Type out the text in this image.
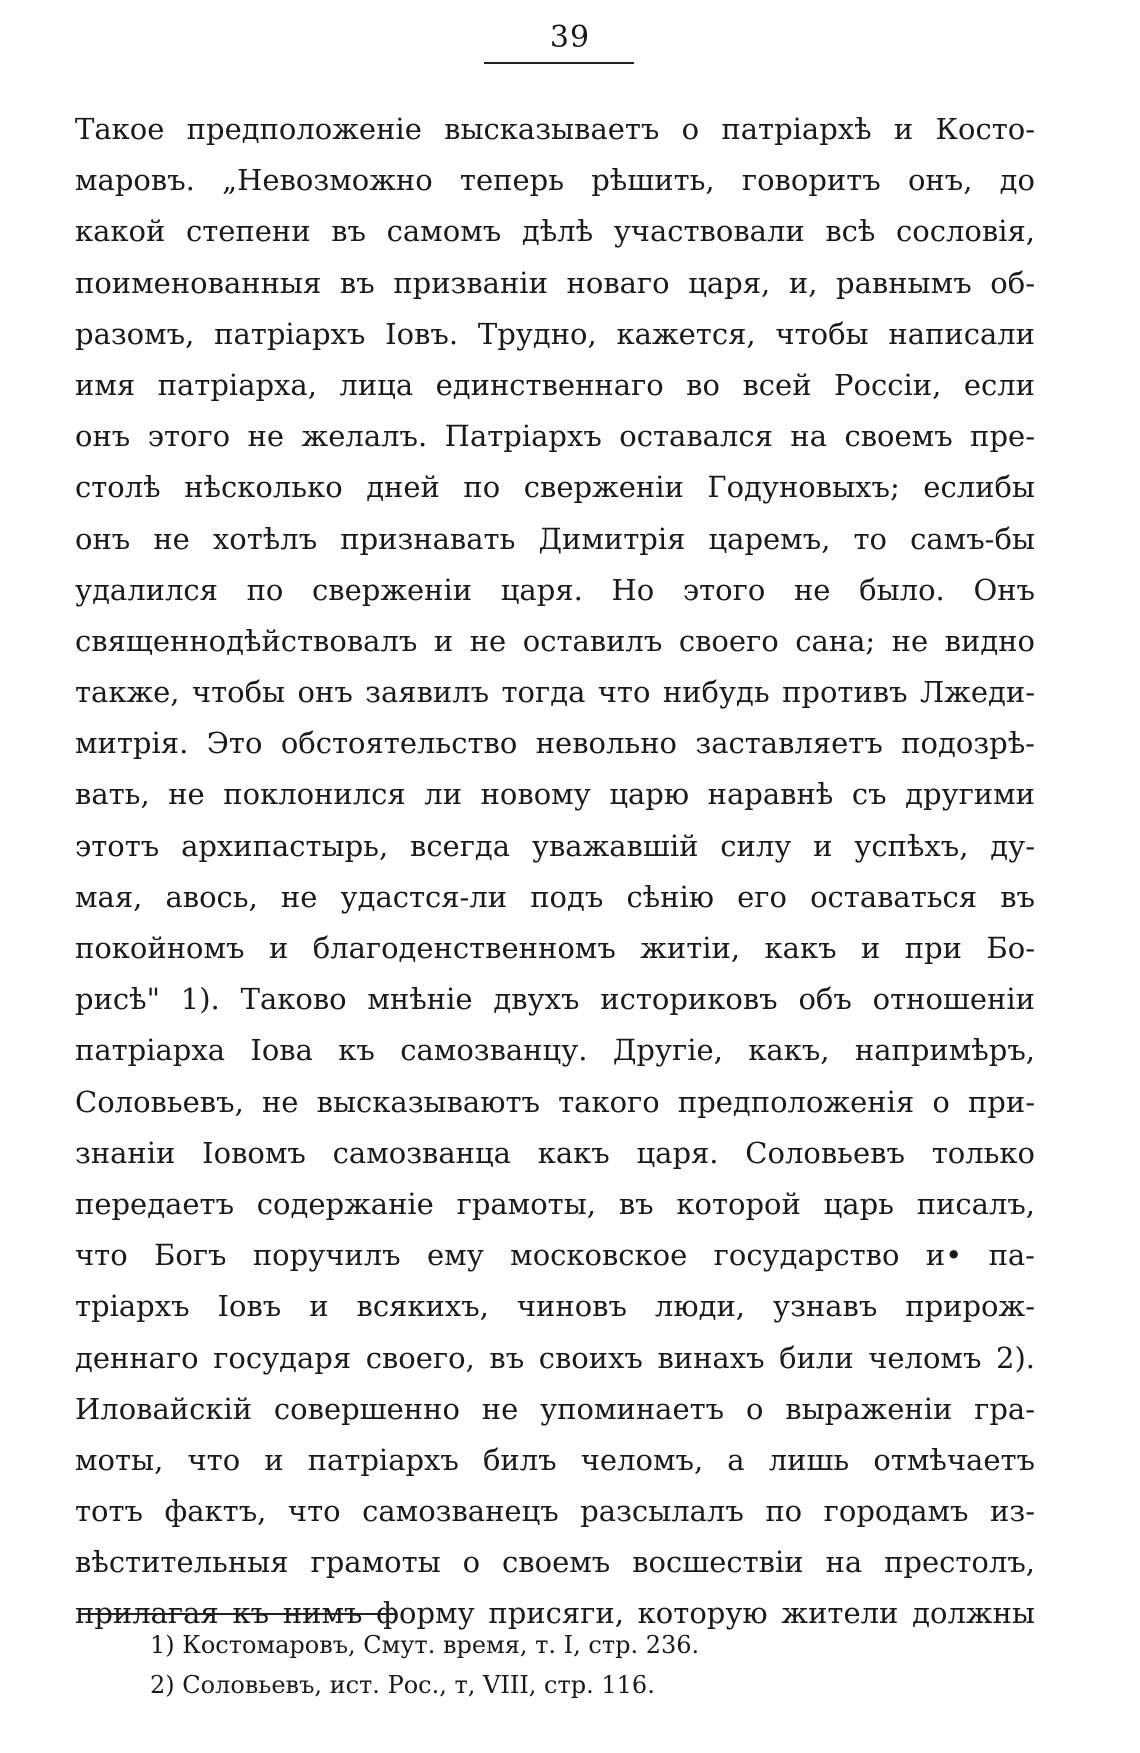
39
Такое предположеніе высказываетъ о патріархѣ и Косто-
маровъ. „Невозможно теперь рѣшить, говоритъ онъ, до
какой степени въ самомъ дѣлѣ участвовали всѣ сословія,
поименованныя въ призваніи новаго царя, и, равнымъ об-
разомъ, патріархъ Іовъ. Трудно, кажется, чтобы написали
имя патріарха, лица единственнаго во всей Россіи, если
онъ этого не желалъ. Патріархъ оставался на своемъ пре-
столѣ нѣсколько дней по сверженіи Годуновыхъ; еслибы
онъ не хотѣлъ признавать Димитрія царемъ, то самъ-бы
удалился по сверженіи царя. Но этого не было. Онъ
священнодѣйствовалъ и не оставилъ своего сана; не видно
также, чтобы онъ заявилъ тогда что нибудь противъ Лжеди-
митрія. Это обстоятельство невольно заставляетъ подозрѣ-
вать, не поклонился ли новому царю наравнѣ съ другими
этотъ архипастырь, всегда уважавшій силу и успѣхъ, ду-
мая, авось, не удастся-ли подъ сѣнію его оставаться въ
покойномъ и благоденственномъ житіи, какъ и при Бо-
рисѣ" 1). Таково мнѣніе двухъ историковъ объ отношеніи
патріарха Іова къ самозванцу. Другіе, какъ, напримѣръ,
Соловьевъ, не высказываютъ такого предположенія о при-
знаніи Іовомъ самозванца какъ царя. Соловьевъ только
передаетъ содержаніе грамоты, въ которой царь писалъ,
что Богъ поручилъ ему московское государство и• па-
тріархъ Іовъ и всякихъ, чиновъ люди, узнавъ прирож-
деннаго государя своего, въ своихъ винахъ били челомъ 2).
Иловайскій совершенно не упоминаетъ о выраженіи гра-
моты, что и патріархъ билъ челомъ, а лишь отмѣчаетъ
тотъ фактъ, что самозванецъ разсылалъ по городамъ из-
вѣстительныя грамоты о своемъ восшествіи на престолъ,
прилагая къ нимъ форму присяги, которую жители должны
1) Костомаровъ, Смут. время, т. I, стр. 236.
2) Соловьевъ, ист. Рос., т, VIII, стр. 116.
